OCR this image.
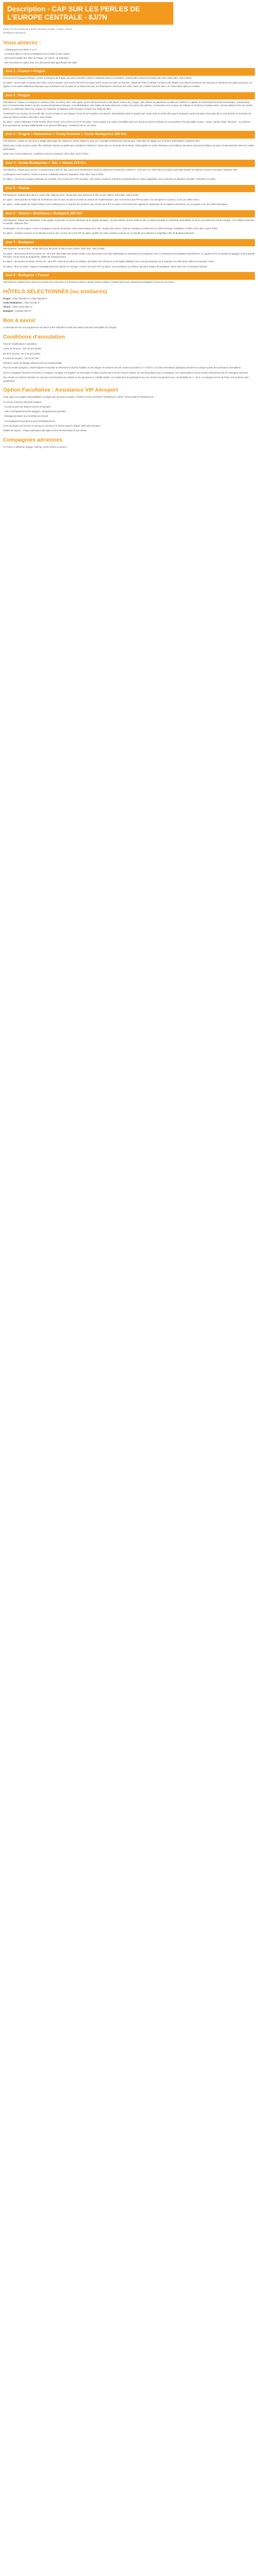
Description - CAP SUR LES PERLES DE
L'EUROPE CENTRALE - 8J/7N

Partez à la découverte de 4 perles d'Europe centrale : Prague, Vienne,
Bratislava et Budapest.

Vous aimerez :
- L'hébergement en hôtels 3* et 4*
- 2 journées libres à Vienne et Budapest pour profiter à votre rythme
- Découverte guidée des villes de Prague, de Vienne, de Bratislava
- Des excursions en option pour une découverte plus approfondie des villes
Jour 1 : France > Prague

Envol pour le Royaume Tchèque. Arrivée à l'aéroport de Prague, accueil et transfert à l'hôtel. Installation dans les chambres. Journée libre (selon les horaires des vols). Dîner libre. Nuit à l'hôtel.

En option : promenade en bateau avec dîner et bus musique / prix environ 50 € P/P sur place (selon horaire de votre vol d'arrivée, départ de l'hôtel à 19h00). Pendant cette balade vous dînerez (boissons non incluses) et admirerez les palais baroques, les églises, et les autres bâtiments historiques qui se dressent sur les quais de la Vltava ainsi que les illuminations nocturnes de la ville. Durée 3h. 2 billets inclus de tram A-R. Retour libre après la croisière.

Jour 2 : Prague

Petit déjeuner. Départ en transport en commun (tram ou métro), avec votre guide, pour la découverte de la ville (durée environ 4h). Prague, ville classée au patrimoine mondial de l'UNESCO, capitale du Saint-Empire Romain Germanique, à Malostrana, avec la monumentale Strahov, ancien couvent d'expression baroque, et sa bibliothèque, puis l'église de Notre-Dame de Lorette, très prisée des pèlerins. Continuation vers la place du Château et Hradcany, le palais sainte, l'ancien palais du Roi, les ruelles dorées, la cathédrale Saint-Guy, la place de Hradcany, la basilique Saint-Georges et Saint Guy. Déjeuner libre.

Continuation vers la place de la vieille ville, le pont Charles et ses statues, la tour de la Poudrière et le bastion, déambulation dans le quartier juif, entrée dans la vieille ville jusqu'à Vaclavske namesti la place Venceslas (là où s'est illustrée la révolution de velours). Retour à l'hôtel. Dîner libre. Nuit à l'hôtel.

En option : Soirée folklorique à Folk Garden (dîner inclus) / prix environ 64 € P/P sur place. Venez passer une soirée inoubliable dans une ancienne taverne tchèque où vous goûterez les spécialités locales : soupe, viandes rôties, desserts... et profiterez d'un spectacle de musique traditionnelle et de danses folkloriques. Transferts A/R en car inclus.

Jour 3 : Prague > Holasovice > Cesky Krumlov > Ceske Budejovice 200 Km

Petit déjeuner. Départ en bus pour le village pittoresque de Holasovice classé UNESCO pour son ensemble architectural rural baroque. Visite libre du village aux 23 fermes authentiques. Déjeuner libre.

Départ pour Cesky Krumlov, petite ville médiévale classée au patrimoine mondial de l'UNESCO, située dans un méandre de la Vltava. Visite guidée du centre historique et du château, deuxième plus grand château du pays. Promenade libre dans les ruelles pittoresques.

Route vers Ceske Budejovice. Installation dans les chambres. Dîner libre. Nuit à l'hôtel.

Jour 4 : Ceske Budejovice > Telc > Vienne 270 Km

Petit déjeuner. Départ pour Vienne, en passant par la ville de Telc, joyau de la Renaissance inscrit au patrimoine mondial de l'UNESCO. Arrêt pour une visite libre de sa place principale bordée de maisons colorées à arcades. Déjeuner libre.

Continuation vers l'Autriche. Arrivée à Vienne, installation dans les chambres. Dîner libre. Nuit à l'hôtel.

En option : Concert de musique classique au Kursalon / prix environ 52 € P/P sur place. Une soirée consacrée à Strauss et Mozart dans un cadre magnifique, avec musiciens et danseurs de ballet. Transferts en métro.

Jour 5 : Vienne

Petit déjeuner. Matinée libre dans le centre-ville. Déjeuner libre. Temps libre pour découvrir la ville à votre rythme. Dîner libre. Nuit à l'hôtel.

En option : Demi-journée au Palais de Schönbrunn (60 mn avec écouteur) et visite du manoir de Hundertwasser / prix environ 50 euros P/P sur place / En transport en commun, ou en car, billets inclus.

En option : Visite guidée de l'Opéra d'État et de la Hofburg avec le quartier des musées / prix environ 55 € P/P sur place. Découverte des splendeurs impériales de la capitale autrichienne, de ses palais et de ses cafés historiques.

Jour 6 : Vienne > Bratislava > Budapest 280 Km

Petit déjeuner. Départ pour Bratislava. Visite guidée à pied dans le centre historique de la capitale slovaque : la porte Michel, l'ancien hôtel de ville, le palais primatial, la cathédrale Saint-Martin où furent couronnés les rois de Hongrie, et le château dominant le Danube. Déjeuner libre.

Continuation vers la Hongrie. Arrivée à Budapest, la perle du Danube, visite panoramique de la ville : la place des Héros, l'avenue Andrássy, le Parlement, la colline de Buda. Installation à l'hôtel. Dîner libre. Nuit à l'hôtel.

En option : croisière nocturne sur le Danube (environ 1h) / environ 40 euros P/P sur place, profitez de cette croisière nocturne sur le Danube pour admirer la magnifique ville de Budapest illuminée.

Jour 7 : Budapest

Petit déjeuner. Journée libre. Temps libre pour découvrir la ville à votre rythme. Dîner libre. Nuit à l'hôtel.

En option : découverte de Pest, environ 3h - 26 € P/P. Des halles aux petites ruelles, vous découvrirez une ville authentique en traversant la rue piétonne Váci, le Parlement et la basilique Saint-Étienne. Le quartier juif et sa grande synagogue, la plus grande d'Europe, seront aussi au programme. Billets de transport inclus.

En option : découverte de Buda, environ 3h - 26 € P/P. Visite de la colline du château, du bastion des Pêcheurs et de l'église Matthias, avec vue panoramique sur le Danube et la ville basse. Billets de transport inclus.

En option : dîner et soirée Tzigane à Borkatakomba avec danses et musique / environ 60 euros P/P sur place. Vous assisterez au meilleur spectacle tzigane de Budapest ! Dîner avec vins et boissons incluses.

Jour 8 : Budapest > France

Petit déjeuner. Matinée libre (selon les horaires des vols) pour vos dernières visites et achats avant le départ. Transfert privé pour l'aéroport de Budapest. Envol vers la France.

HÔTELS SÉLECTIONNÉS (ou similaires)
Prague : Hôtel Olsanka 4* / Hôtel Olympik 4*
Ceske Budejovice : Hôtel Dvorak 4*
Vienne : Hôtel Lenas Wien 3*
Budapest : Canada Hôtel 3*
Bon à savoir

Le déroulement de nos programmes est donné à titre indicatif et l'ordre des visites peut être susceptible de changer.

Conditions d'annulation

Frais de modifications / annulation :

À plus de 30 jours : 35% du prix global
De 30 à 15 jours : 85 % du prix global
À moins de 15 jours : 100 % de frais
Attention, l'ajout de bagage optionnel est non remboursable.

Pour les ventes groupées, Travel Explorer et Ryanair se réservent le droit de modifier ou de changer les horaires de vols. Seuls les horaires à J-7 font foi. Les frais d'annulation appliqués prennent en compte la date de la demande d'annulation.

Vol sur compagnie aérienne RYANAIR, le voyageur s'engage à enregistrer sa réservation en ligne au plus tard 2 heures avant le départ. En cas d'annulation par la compagnie, les compensations seront versées directement par la compagnie aérienne.

Nos circuits et croisières fluviales ne sont pas recommandés aux enfants et aux personnes à mobilité réduite. Les maximums de participants sur nos circuits sont garantis avec une flexibilité de +/- 10 %. Les départs se font de Paris et de province avec supplément.

Option Facultative : Assistance VIP Aéroport

Cette option est valable UNIQUEMENT au départ des aéroports suivants : PARIS / LYON / NANTES / MARSEILLE / NICE / TOULOUSE ET BORDEAUX.

Ce service inclut les éléments suivants :

- Accueil au point de départ convenu à l'aéroport
- Aide à l'enregistrement des bagages, enregistrement prioritaire
- Passage prioritaire aux contrôles de sécurité
- Accompagnement jusqu'à la porte d'embarquement

Il est nécessaire de réserver ce service au minimum 72 heures avant le départ. Tarif selon aéroport.

Validité de l'option : chaque participant doit signer le bon de réservation le jour même.

Compagnies aériennes

Air France, Lufthansa, Easyjet, Vueling, Czech Airlines ou autres...
